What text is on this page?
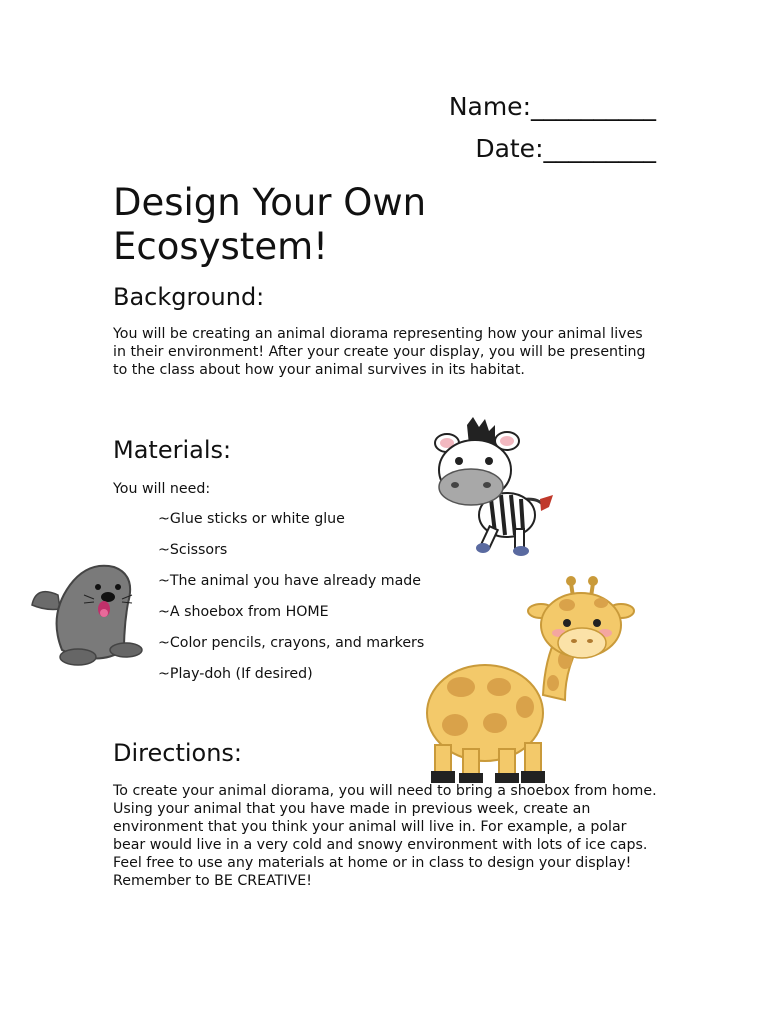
Name:__________
Date:_________
Design Your Own Ecosystem!
Background:

You will be creating an animal diorama representing how your animal lives in their environment! After your create your display, you will be presenting to the class about how your animal survives in its habitat.

Materials:

You will need:

~Glue sticks or white glue
~Scissors
~The animal you have already made
~A shoebox from HOME
~Color pencils, crayons, and markers
~Play-doh (If desired)
Directions:

To create your animal diorama, you will need to bring a shoebox from home. Using your animal that you have made in previous week, create an environment that you think your animal will live in. For example, a polar bear would live in a very cold and snowy environment with lots of ice caps. Feel free to use any materials at home or in class to design your display! Remember to BE CREATIVE!
